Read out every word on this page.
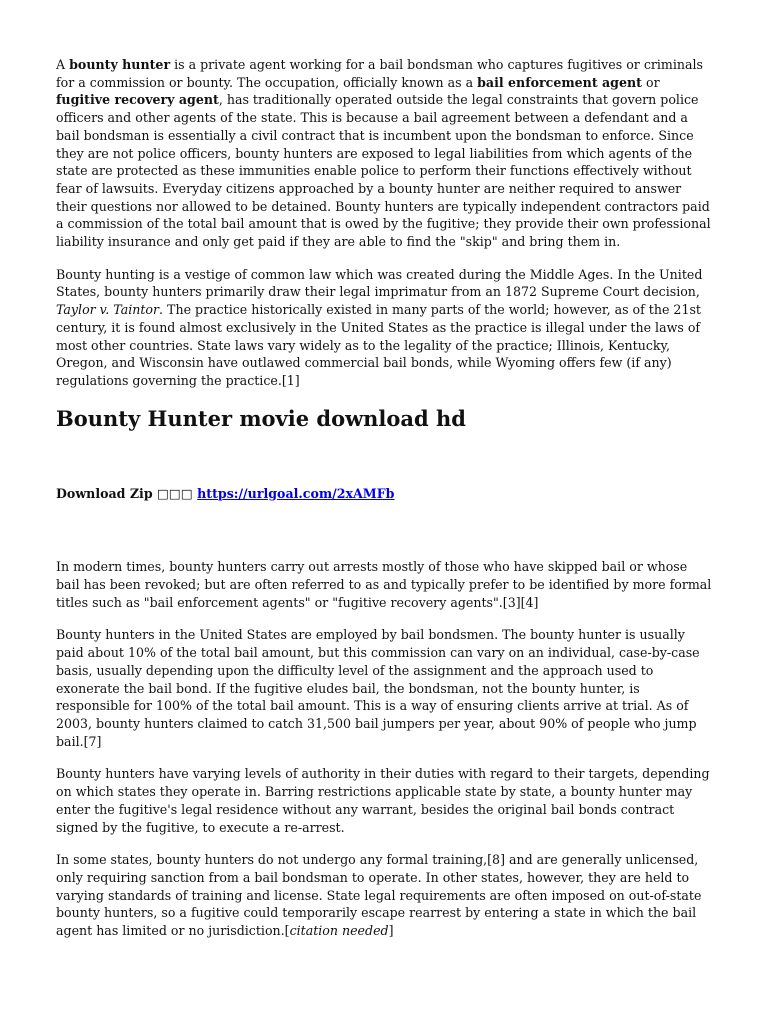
A bounty hunter is a private agent working for a bail bondsman who captures fugitives or criminals for a commission or bounty. The occupation, officially known as a bail enforcement agent or fugitive recovery agent, has traditionally operated outside the legal constraints that govern police officers and other agents of the state. This is because a bail agreement between a defendant and a bail bondsman is essentially a civil contract that is incumbent upon the bondsman to enforce. Since they are not police officers, bounty hunters are exposed to legal liabilities from which agents of the state are protected as these immunities enable police to perform their functions effectively without fear of lawsuits. Everyday citizens approached by a bounty hunter are neither required to answer their questions nor allowed to be detained. Bounty hunters are typically independent contractors paid a commission of the total bail amount that is owed by the fugitive; they provide their own professional liability insurance and only get paid if they are able to find the "skip" and bring them in.

Bounty hunting is a vestige of common law which was created during the Middle Ages. In the United States, bounty hunters primarily draw their legal imprimatur from an 1872 Supreme Court decision, Taylor v. Taintor. The practice historically existed in many parts of the world; however, as of the 21st century, it is found almost exclusively in the United States as the practice is illegal under the laws of most other countries. State laws vary widely as to the legality of the practice; Illinois, Kentucky, Oregon, and Wisconsin have outlawed commercial bail bonds, while Wyoming offers few (if any) regulations governing the practice.[1]

Bounty Hunter movie download hd
Download Zip □□□ https://urlgoal.com/2xAMFb

In modern times, bounty hunters carry out arrests mostly of those who have skipped bail or whose bail has been revoked; but are often referred to as and typically prefer to be identified by more formal titles such as "bail enforcement agents" or "fugitive recovery agents".[3][4]

Bounty hunters in the United States are employed by bail bondsmen. The bounty hunter is usually paid about 10% of the total bail amount, but this commission can vary on an individual, case-by-case basis, usually depending upon the difficulty level of the assignment and the approach used to exonerate the bail bond. If the fugitive eludes bail, the bondsman, not the bounty hunter, is responsible for 100% of the total bail amount. This is a way of ensuring clients arrive at trial. As of 2003, bounty hunters claimed to catch 31,500 bail jumpers per year, about 90% of people who jump bail.[7]

Bounty hunters have varying levels of authority in their duties with regard to their targets, depending on which states they operate in. Barring restrictions applicable state by state, a bounty hunter may enter the fugitive's legal residence without any warrant, besides the original bail bonds contract signed by the fugitive, to execute a re-arrest.

In some states, bounty hunters do not undergo any formal training,[8] and are generally unlicensed, only requiring sanction from a bail bondsman to operate. In other states, however, they are held to varying standards of training and license. State legal requirements are often imposed on out-of-state bounty hunters, so a fugitive could temporarily escape rearrest by entering a state in which the bail agent has limited or no jurisdiction.[citation needed]
